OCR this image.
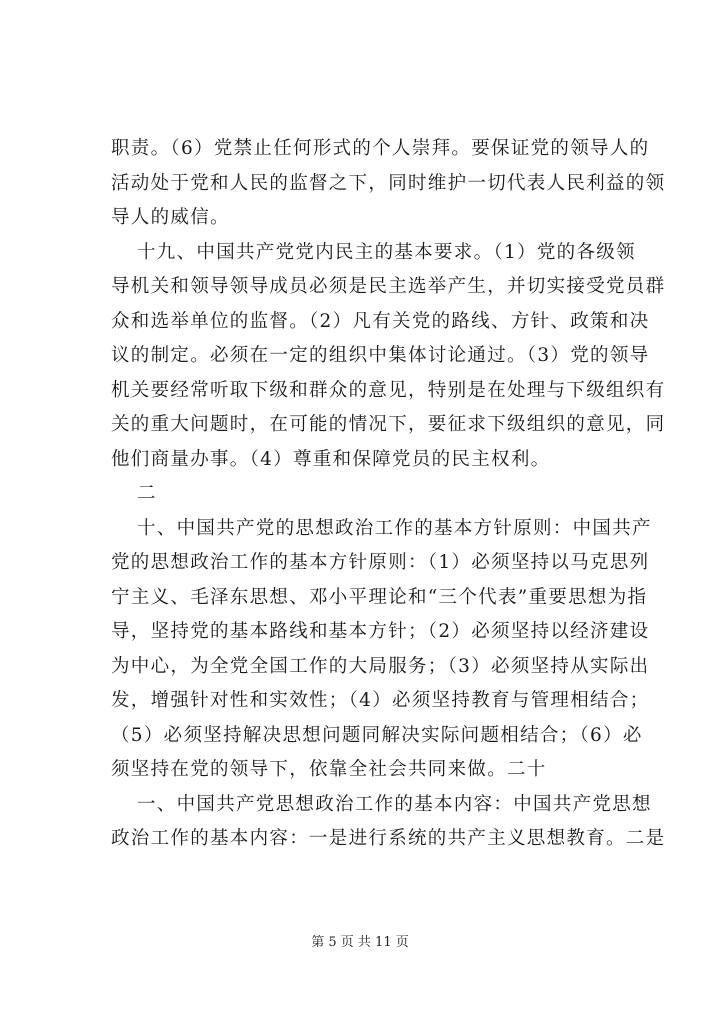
职责。（6）党禁止任何形式的个人崇拜。要保证党的领导人的

活动处于党和人民的监督之下，同时维护一切代表人民利益的领

导人的威信。

十九、中国共产党党内民主的基本要求。（1）党的各级领

导机关和领导领导成员必须是民主选举产生，并切实接受党员群

众和选举单位的监督。（2）凡有关党的路线、方针、政策和决

议的制定。必须在一定的组织中集体讨论通过。（3）党的领导

机关要经常听取下级和群众的意见，特别是在处理与下级组织有

关的重大问题时，在可能的情况下，要征求下级组织的意见，同

他们商量办事。（4）尊重和保障党员的民主权利。

二

十、中国共产党的思想政治工作的基本方针原则：中国共产

党的思想政治工作的基本方针原则：（1）必须坚持以马克思列

宁主义、毛泽东思想、邓小平理论和“三个代表”重要思想为指

导，坚持党的基本路线和基本方针；（2）必须坚持以经济建设

为中心，为全党全国工作的大局服务；（3）必须坚持从实际出

发，增强针对性和实效性；（4）必须坚持教育与管理相结合；

（5）必须坚持解决思想问题同解决实际问题相结合；（6）必

须坚持在党的领导下，依靠全社会共同来做。二十

一、中国共产党思想政治工作的基本内容：中国共产党思想

政治工作的基本内容：一是进行系统的共产主义思想教育。二是

第 5 页 共 11 页
